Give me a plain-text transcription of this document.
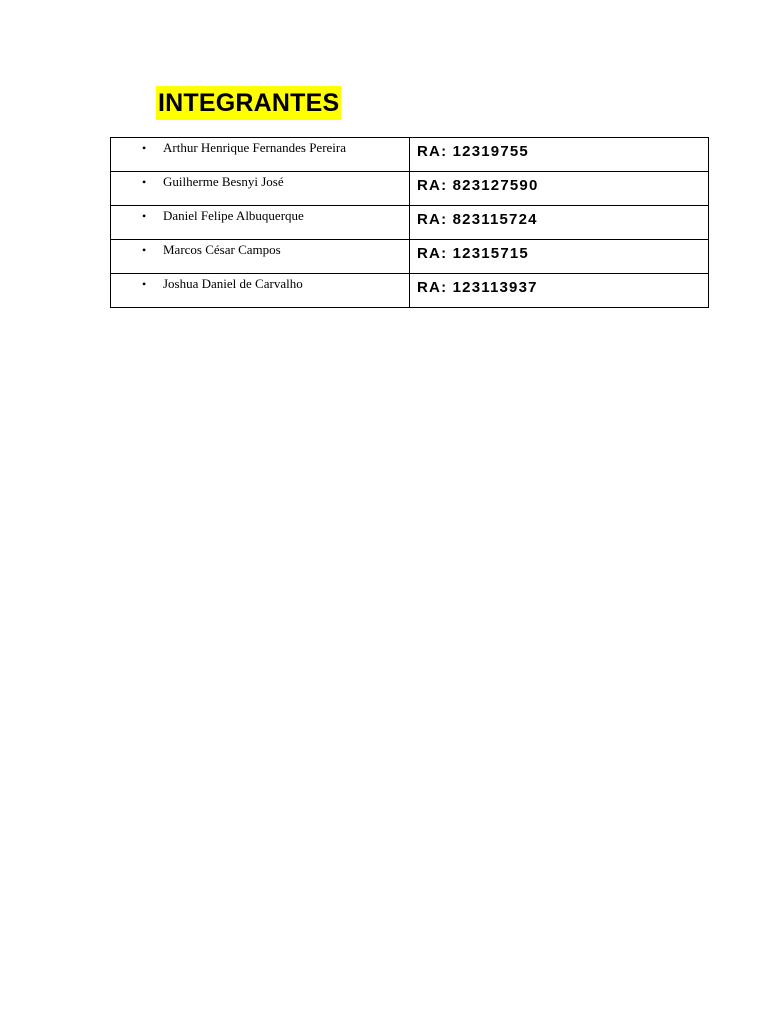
INTEGRANTES
• Arthur Henrique Fernandes Pereira	RA: 12319755

• Guilherme Besnyi José	RA: 823127590

• Daniel Felipe Albuquerque	RA: 823115724

• Marcos César Campos	RA: 12315715

• Joshua Daniel de Carvalho	RA: 123113937
